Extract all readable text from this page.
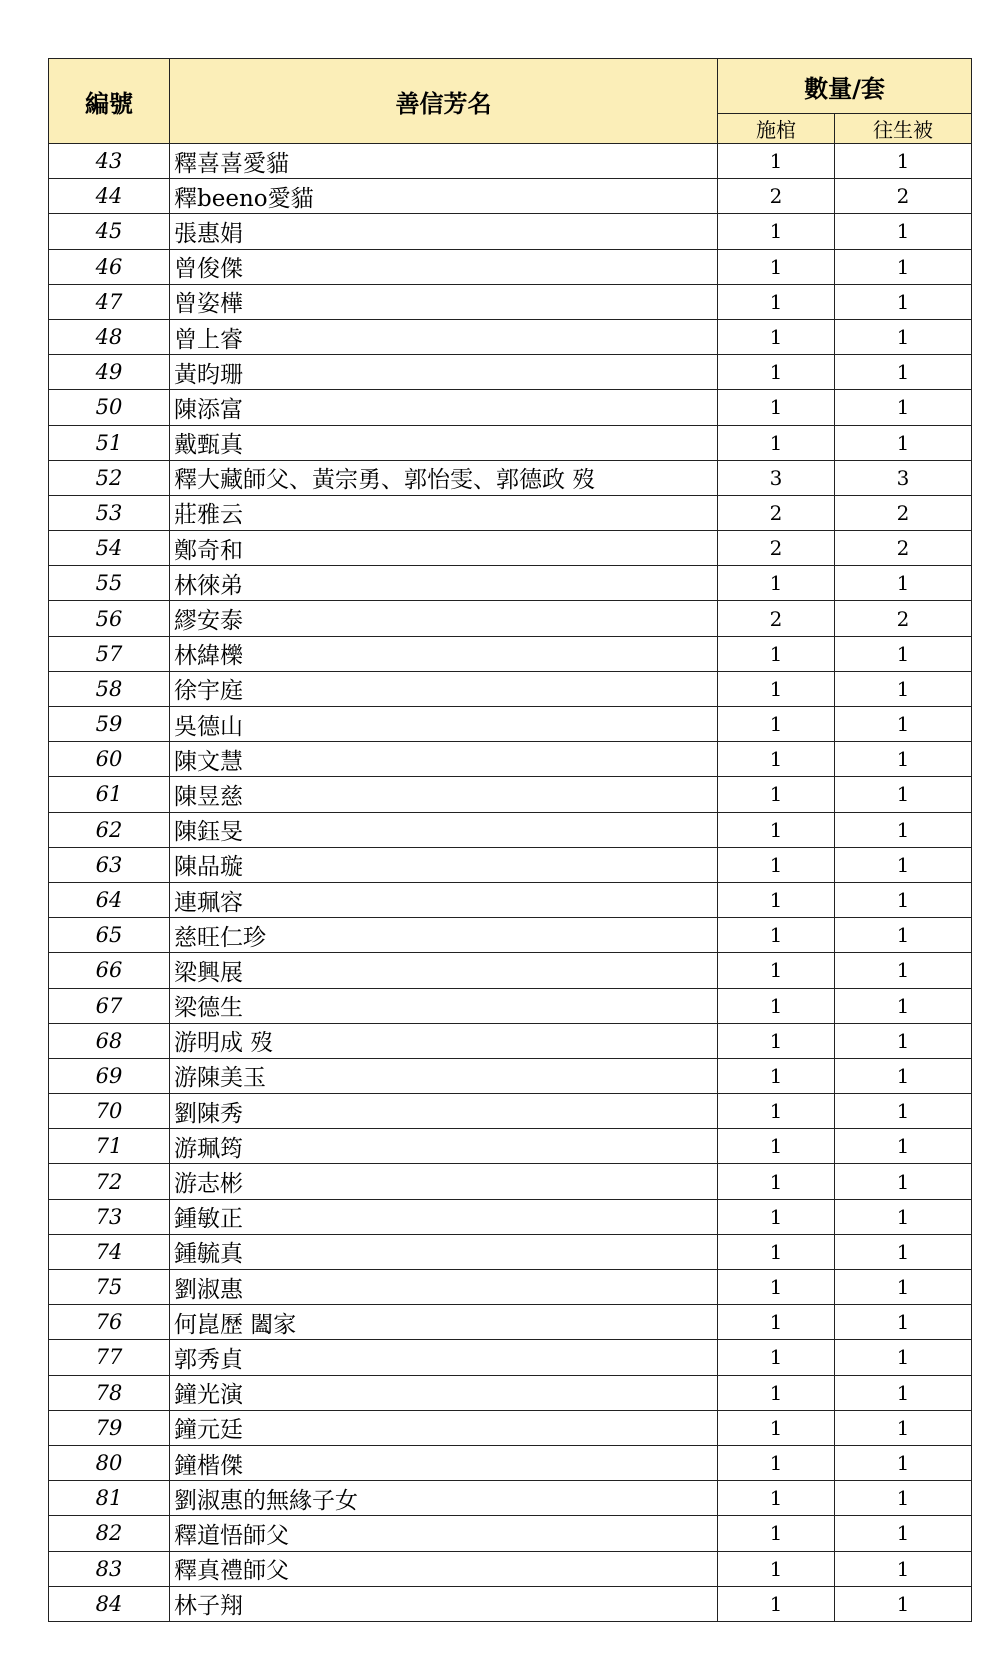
編號	善信芳名	數量/套	
		施棺	往生被
43	釋喜喜愛貓	1	1
44	釋beeno愛貓	2	2
45	張惠娟	1	1
46	曾俊傑	1	1
47	曾姿樺	1	1
48	曾上睿	1	1
49	黃昀珊	1	1
50	陳添富	1	1
51	戴甄真	1	1
52	釋大藏師父、黃宗勇、郭怡雯、郭德政 歿	3	3
53	莊雅云	2	2
54	鄭奇和	2	2
55	林徠弟	1	1
56	繆安泰	2	2
57	林緯櫟	1	1
58	徐宇庭	1	1
59	吳德山	1	1
60	陳文慧	1	1
61	陳昱慈	1	1
62	陳鈺旻	1	1
63	陳品璇	1	1
64	連珮容	1	1
65	慈旺仁珍	1	1
66	梁興展	1	1
67	梁德生	1	1
68	游明成 歿	1	1
69	游陳美玉	1	1
70	劉陳秀	1	1
71	游珮筠	1	1
72	游志彬	1	1
73	鍾敏正	1	1
74	鍾毓真	1	1
75	劉淑惠	1	1
76	何崑歷 闔家	1	1
77	郭秀貞	1	1
78	鐘光演	1	1
79	鐘元廷	1	1
80	鐘楷傑	1	1
81	劉淑惠的無緣子女	1	1
82	釋道悟師父	1	1
83	釋真禮師父	1	1
84	林子翔	1	1
